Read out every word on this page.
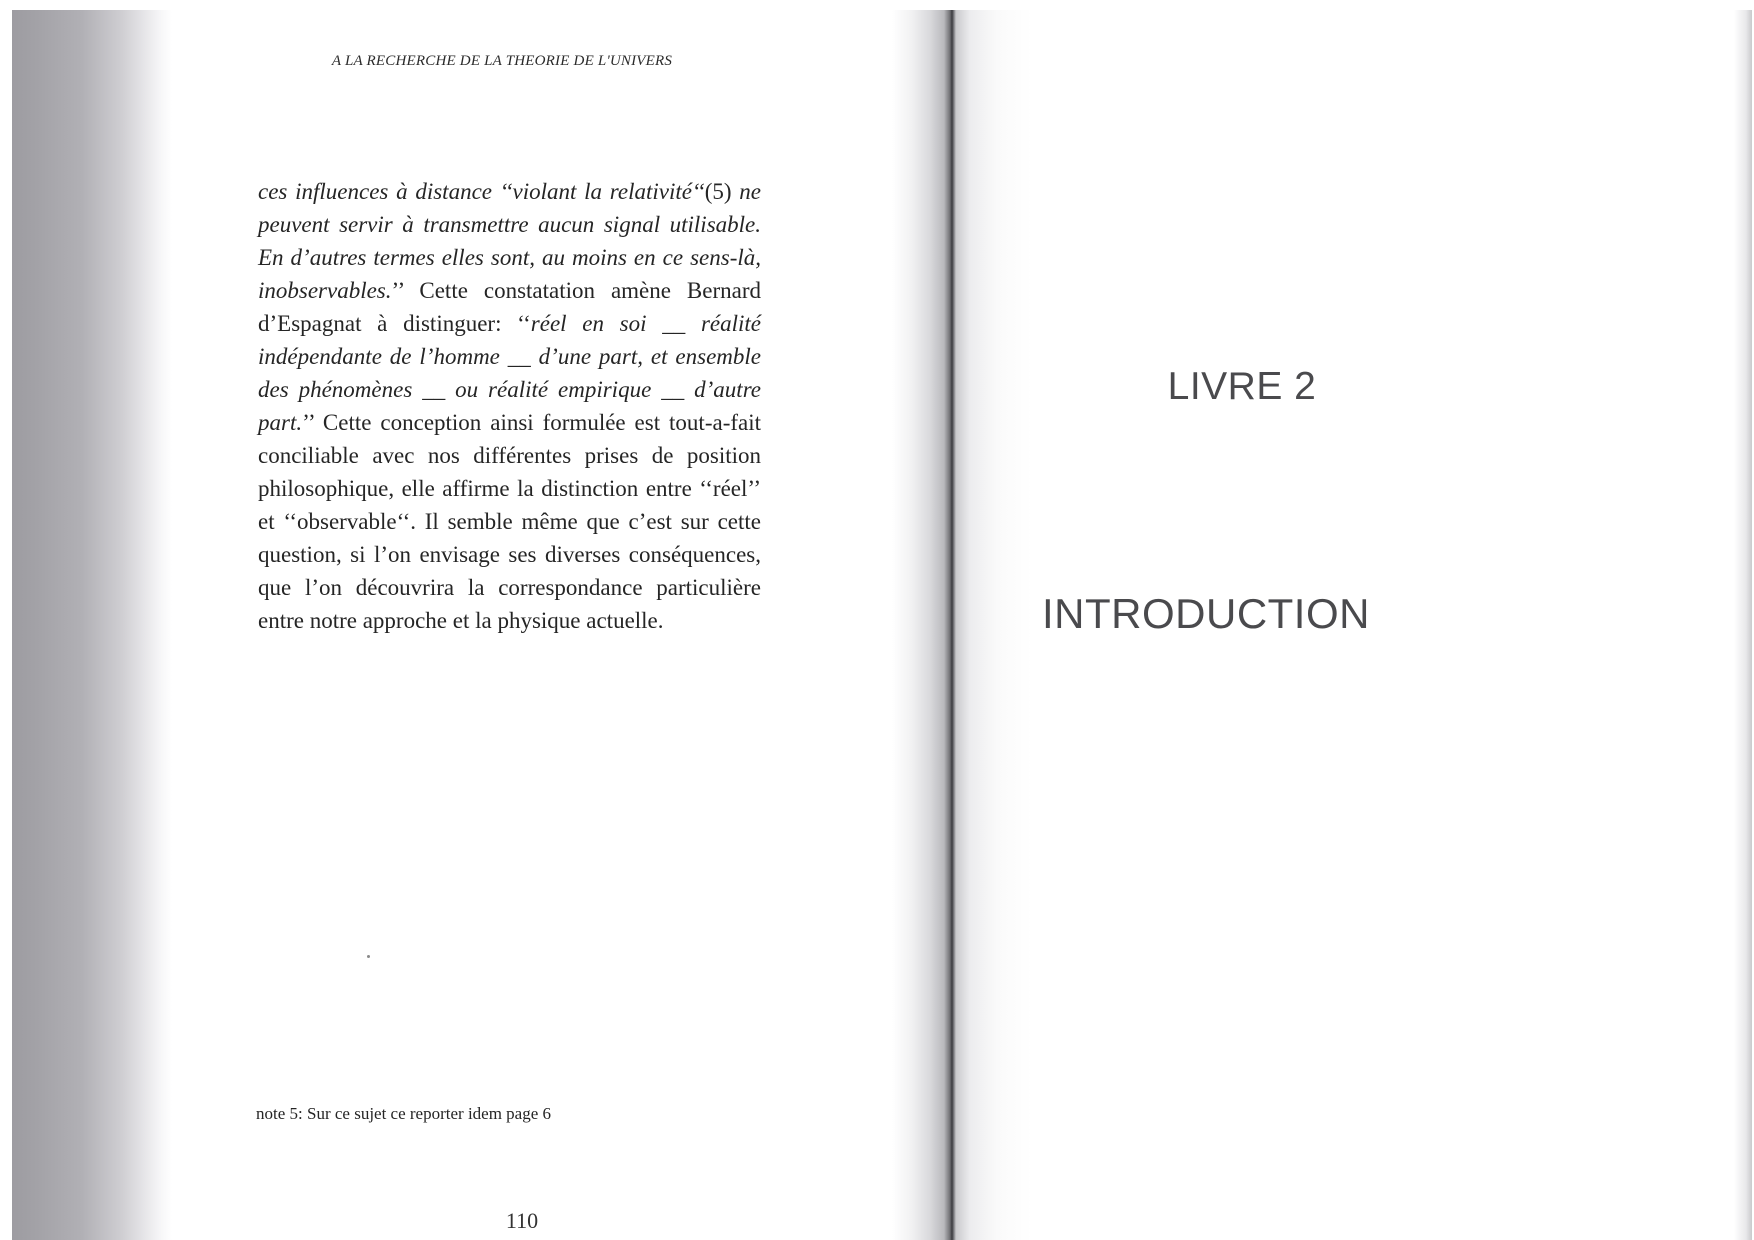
A LA RECHERCHE DE LA THEORIE DE L'UNIVERS

ces influences à distance ‘‘violant la relativité‘‘(5) ne peuvent servir à transmettre aucun signal utilisable. En d’autres termes elles sont, au moins en ce sens-là, inobservables.’’ Cette constatation amène Bernard d’Espagnat à distinguer: ‘‘réel en soi __ réalité indépendante de l’homme __ d’une part, et ensemble des phénomènes __ ou réalité empirique __ d’autre part.’’ Cette conception ainsi formulée est tout-a-fait conciliable avec nos différentes prises de position philosophique, elle affirme la distinction entre ‘‘réel’’ et ‘‘observable‘‘. Il semble même que c’est sur cette question, si l’on envisage ses diverses conséquences, que l’on découvrira la correspondance particulière entre notre approche et la physique actuelle.

note 5: Sur ce sujet ce reporter idem page 6
110
LIVRE 2
INTRODUCTION
